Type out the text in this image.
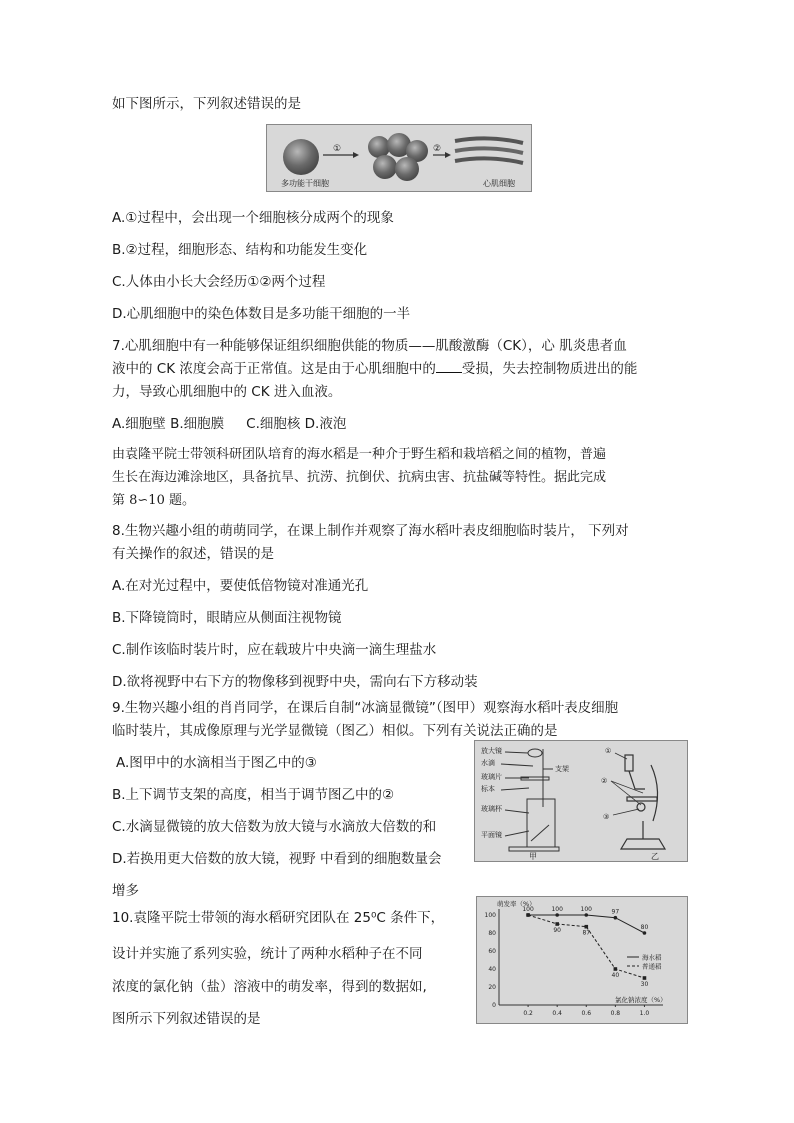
如下图所示，下列叙述错误的是
①	②
多功能干细胞	心肌细胞
A.①过程中，会出现一个细胞核分成两个的现象
B.②过程，细胞形态、结构和功能发生变化
C.人体由小长大会经历①②两个过程
D.心肌细胞中的染色体数目是多功能干细胞的一半
7.心肌细胞中有一种能够保证组织细胞供能的物质——肌酸激酶（CK），心 肌炎患者血
液中的 CK 浓度会高于正常值。这是由于心肌细胞中的 受损，失去控制物质进出的能
力，导致心肌细胞中的 CK 进入血液。
A.细胞壁 B.细胞膜 C.细胞核 D.液泡
由袁隆平院士带领科研团队培育的海水稻是一种介于野生稻和栽培稻之间的植物，普遍
生长在海边滩涂地区，具备抗旱、抗涝、抗倒伏、抗病虫害、抗盐碱等特性。据此完成
第 8∽10 题。
8.生物兴趣小组的萌萌同学，在课上制作并观察了海水稻叶表皮细胞临时装片， 下列对
有关操作的叙述，错误的是
A.在对光过程中，要使低倍物镜对准通光孔
B.下降镜筒时，眼睛应从侧面注视物镜
C.制作该临时装片时，应在载玻片中央滴一滴生理盐水
D.欲将视野中右下方的物像移到视野中央，需向右下方移动装
9.生物兴趣小组的肖肖同学，在课后自制“冰滴显微镜”（图甲）观察海水稻叶表皮细胞
临时装片，其成像原理与光学显微镜（图乙）相似。下列有关说法正确的是
A.图甲中的水滴相当于图乙中的③
B.上下调节支架的高度，相当于调节图乙中的②
C.水滴显微镜的放大倍数为放大镜与水滴放大倍数的和
D.若换用更大倍数的放大镜，视野 中看到的细胞数量会
增多
放大镜
水滴
玻璃片
标本
玻璃杯
平面镜
支架
甲
①
②
③
乙
10.袁隆平院士带领的海水稻研究团队在 25⁰C 条件下，
设计并实施了系列实验，统计了两种水稻种子在不同
浓度的氯化钠（盐）溶液中的萌发率，得到的数据如,
图所示下列叙述错误的是
萌发率（%）
氯化钠浓度（%）
0
20
40
60
80
100
0.2	0.4	0.6	0.8	1.0
100	100	100	97
80
90	87
40
30
海水稻
普通稻
